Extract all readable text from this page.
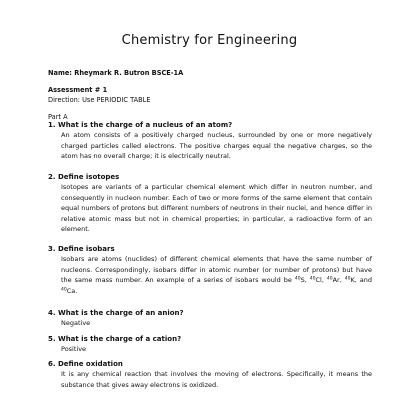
Chemistry for Engineering
Name: Rheymark R. Butron BSCE-1A
Assessment # 1
Direction: Use PERIODIC TABLE
Part A
1. What is the charge of a nucleus of an atom?
An atom consists of a positively charged nucleus, surrounded by one or more negatively charged particles called electrons. The positive charges equal the negative charges, so the atom has no overall charge; it is electrically neutral.
2. Define isotopes
Isotopes are variants of a particular chemical element which differ in neutron number, and consequently in nucleon number. Each of two or more forms of the same element that contain equal numbers of protons but different numbers of neutrons in their nuclei, and hence differ in relative atomic mass but not in chemical properties; in particular, a radioactive form of an element.
3. Define isobars
Isobars are atoms (nuclides) of different chemical elements that have the same number of nucleons. Correspondingly, isobars differ in atomic number (or number of protons) but have the same mass number. An example of a series of isobars would be $^{40}$S, $^{40}$Cl, $^{40}$Ar, $^{40}$K, and $^{40}$Ca.
4. What is the charge of an anion?
Negative
5. What is the charge of a cation?
Positive
6. Define oxidation
It is any chemical reaction that involves the moving of electrons. Specifically, it means the substance that gives away electrons is oxidized.
